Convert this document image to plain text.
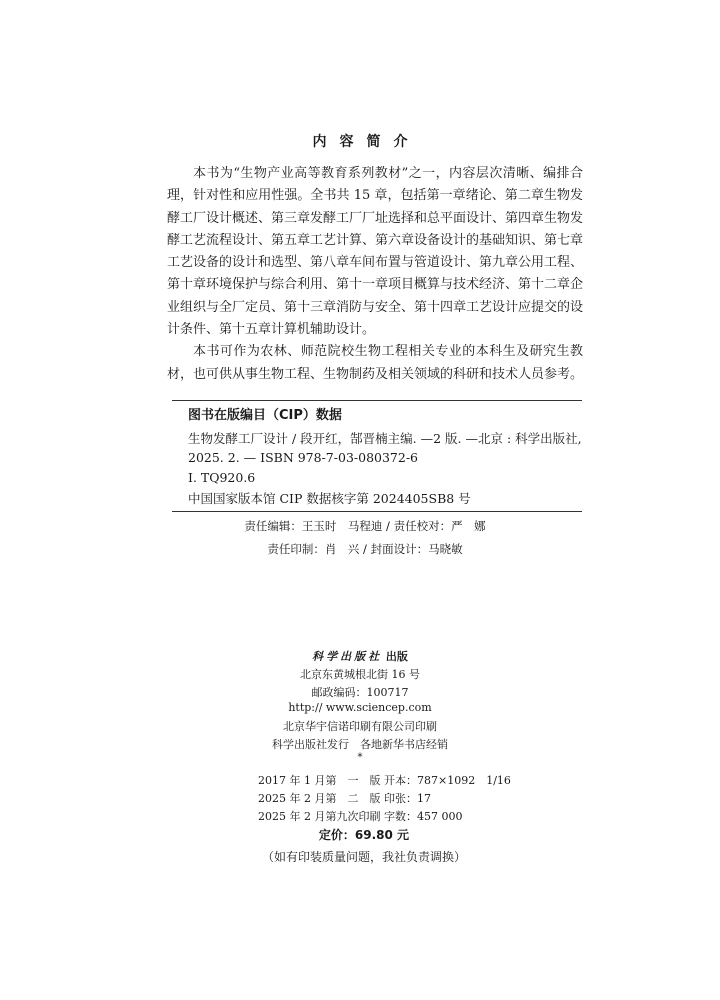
内容简介

本书为“生物产业高等教育系列教材”之一，内容层次清晰、编排合理，针对性和应用性强。全书共 15 章，包括第一章绪论、第二章生物发酵工厂设计概述、第三章发酵工厂厂址选择和总平面设计、第四章生物发酵工艺流程设计、第五章工艺计算、第六章设备设计的基础知识、第七章工艺设备的设计和选型、第八章车间布置与管道设计、第九章公用工程、第十章环境保护与综合利用、第十一章项目概算与技术经济、第十二章企业组织与全厂定员、第十三章消防与安全、第十四章工艺设计应提交的设计条件、第十五章计算机辅助设计。

本书可作为农林、师范院校生物工程相关专业的本科生及研究生教材，也可供从事生物工程、生物制药及相关领域的科研和技术人员参考。

图书在版编目（CIP）数据
生物发酵工厂设计 / 段开红，郜晋楠主编. —2 版. —北京 : 科学出版社,
2025. 2. — ISBN 978-7-03-080372-6
Ⅰ. TQ920.6
中国国家版本馆 CIP 数据核字第 2024405SB8 号
责任编辑：王玉时　马程迪 / 责任校对：严　娜
责任印制：肖　兴 / 封面设计：马晓敏
科学出版社 出版
北京东黄城根北街 16 号
邮政编码：100717
http:// www.sciencep.com
北京华宇信诺印刷有限公司印刷
科学出版社发行　各地新华书店经销
*
2017 年 1 月第　一　版 开本：787×1092　1/16
2025 年 2 月第　二　版 印张：17
2025 年 2 月第九次印刷 字数：457 000
定价：69.80 元
（如有印装质量问题，我社负责调换）
